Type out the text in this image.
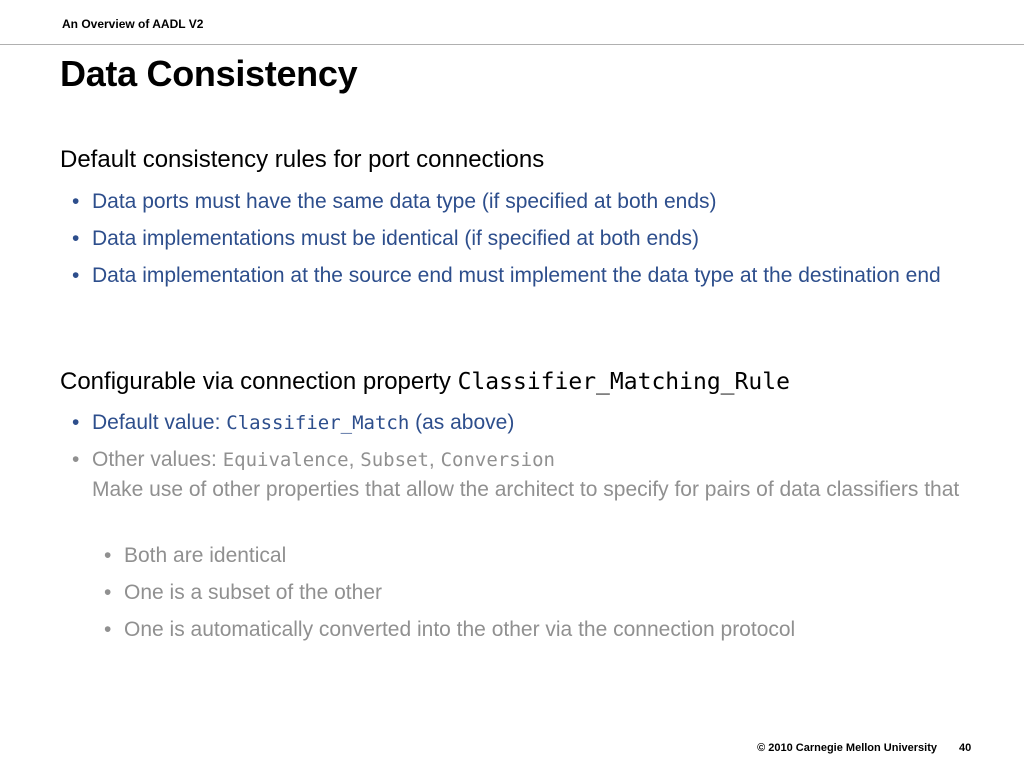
An Overview of AADL V2
Data Consistency
Default consistency rules for port connections
• Data ports must have the same data type (if specified at both ends)
• Data implementations must be identical (if specified at both ends)
• Data implementation at the source end must implement the data type at the destination end
Configurable via connection property Classifier_Matching_Rule
• Default value: Classifier_Match (as above)
• Other values: Equivalence, Subset, Conversion
Make use of other properties that allow the architect to specify for pairs of data classifiers that
• Both are identical
• One is a subset of the other
• One is automatically converted into the other via the connection protocol
© 2010 Carnegie Mellon University 40
